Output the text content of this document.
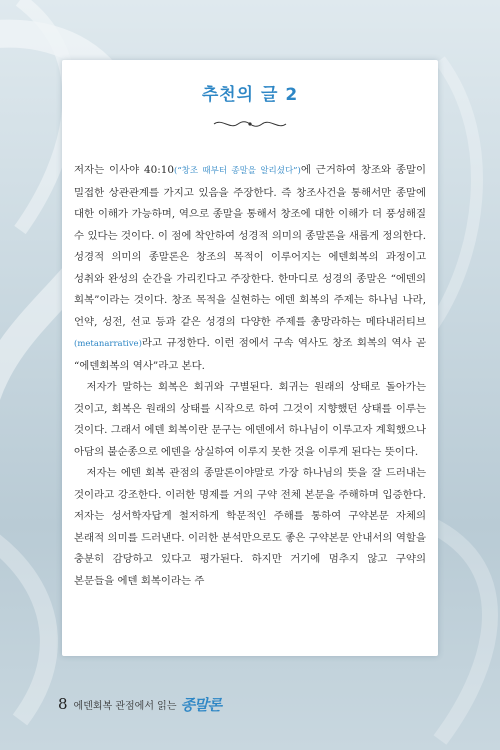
추천의 글 2

저자는 이사야 40:10(“창조 때부터 종말을 알리셨다”)에 근거하여 창조와 종말이 밀접한 상관관계를 가지고 있음을 주장한다. 즉 창조사건을 통해서만 종말에 대한 이해가 가능하며, 역으로 종말을 통해서 창조에 대한 이해가 더 풍성해질 수 있다는 것이다. 이 점에 착안하여 성경적 의미의 종말론을 새롭게 정의한다. 성경적 의미의 종말론은 창조의 목적이 이루어지는 에덴회복의 과정이고 성취와 완성의 순간을 가리킨다고 주장한다. 한마디로 성경의 종말은 “에덴의 회복”이라는 것이다. 창조 목적을 실현하는 에덴 회복의 주제는 하나님 나라, 언약, 성전, 선교 등과 같은 성경의 다양한 주제를 총망라하는 메타내러티브(metanarrative)라고 규정한다. 이런 점에서 구속 역사도 창조 회복의 역사 곧 “에덴회복의 역사”라고 본다.

저자가 말하는 회복은 회귀와 구별된다. 회귀는 원래의 상태로 돌아가는 것이고, 회복은 원래의 상태를 시작으로 하여 그것이 지향했던 상태를 이루는 것이다. 그래서 에덴 회복이란 문구는 에덴에서 하나님이 이루고자 계획했으나 아담의 불순종으로 에덴을 상실하여 이루지 못한 것을 이루게 된다는 뜻이다.

저자는 에덴 회복 관점의 종말론이야말로 가장 하나님의 뜻을 잘 드러내는 것이라고 강조한다. 이러한 명제를 거의 구약 전체 본문을 주해하며 입증한다. 저자는 성서학자답게 철저하게 학문적인 주해를 통하여 구약본문 자체의 본래적 의미를 드러낸다. 이러한 분석만으로도 좋은 구약본문 안내서의 역할을 충분히 감당하고 있다고 평가된다. 하지만 거기에 멈추지 않고 구약의 본문들을 에덴 회복이라는 주

8 에덴회복 관점에서 읽는 종말론
